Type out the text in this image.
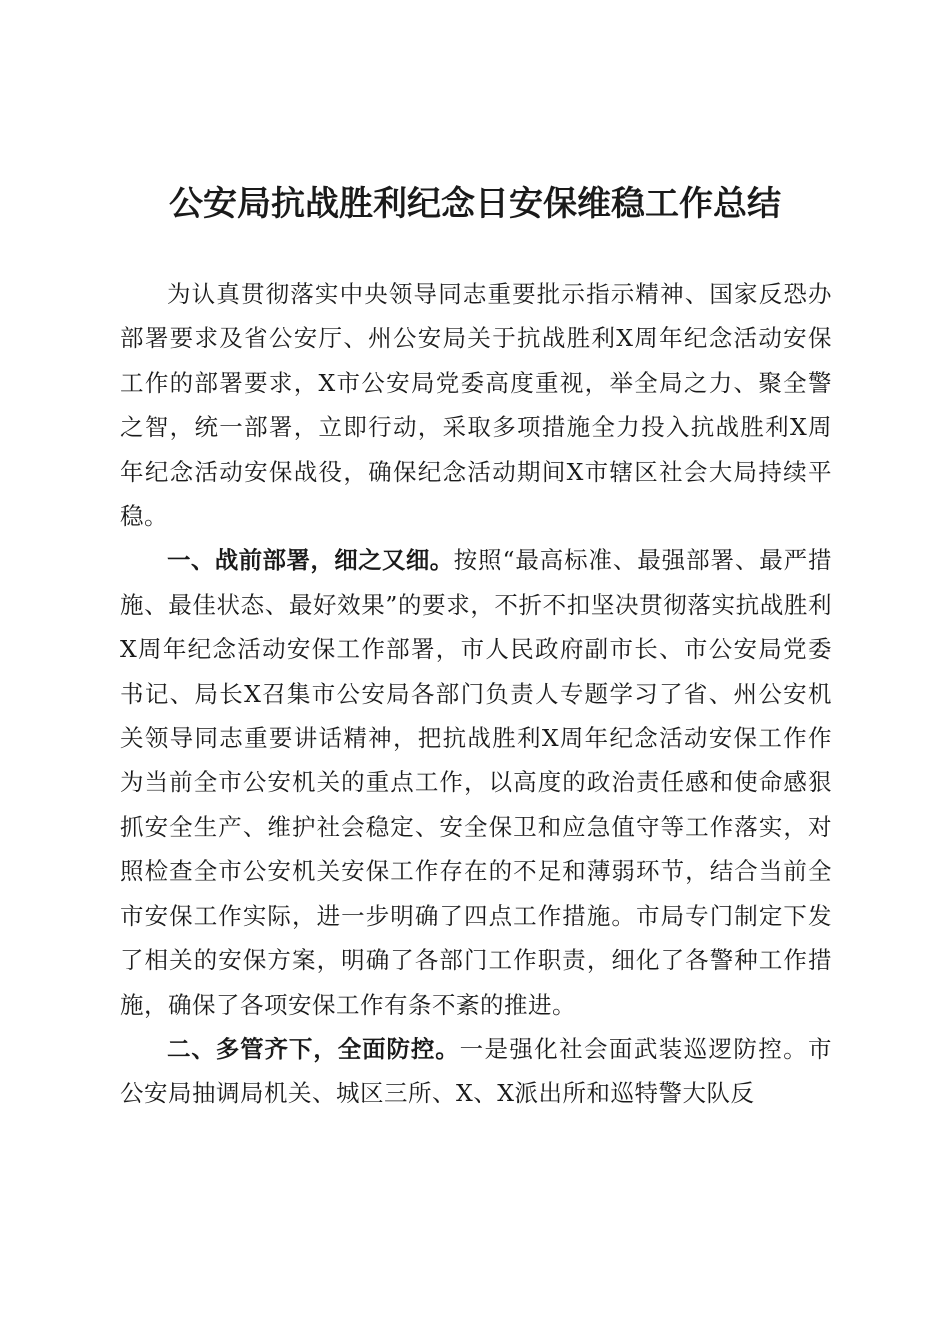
公安局抗战胜利纪念日安保维稳工作总结

为认真贯彻落实中央领导同志重要批示指示精神、国家反恐办部署要求及省公安厅、州公安局关于抗战胜利X周年纪念活动安保工作的部署要求，X市公安局党委高度重视，举全局之力、聚全警之智，统一部署，立即行动，采取多项措施全力投入抗战胜利X周年纪念活动安保战役，确保纪念活动期间X市辖区社会大局持续平稳。

一、战前部署，细之又细。按照“最高标准、最强部署、最严措施、最佳状态、最好效果”的要求，不折不扣坚决贯彻落实抗战胜利X周年纪念活动安保工作部署，市人民政府副市长、市公安局党委书记、局长X召集市公安局各部门负责人专题学习了省、州公安机关领导同志重要讲话精神，把抗战胜利X周年纪念活动安保工作作为当前全市公安机关的重点工作，以高度的政治责任感和使命感狠抓安全生产、维护社会稳定、安全保卫和应急值守等工作落实，对照检查全市公安机关安保工作存在的不足和薄弱环节，结合当前全市安保工作实际，进一步明确了四点工作措施。市局专门制定下发了相关的安保方案，明确了各部门工作职责，细化了各警种工作措施，确保了各项安保工作有条不紊的推进。

二、多管齐下，全面防控。一是强化社会面武装巡逻防控。市公安局抽调局机关、城区三所、X、X派出所和巡特警大队反
